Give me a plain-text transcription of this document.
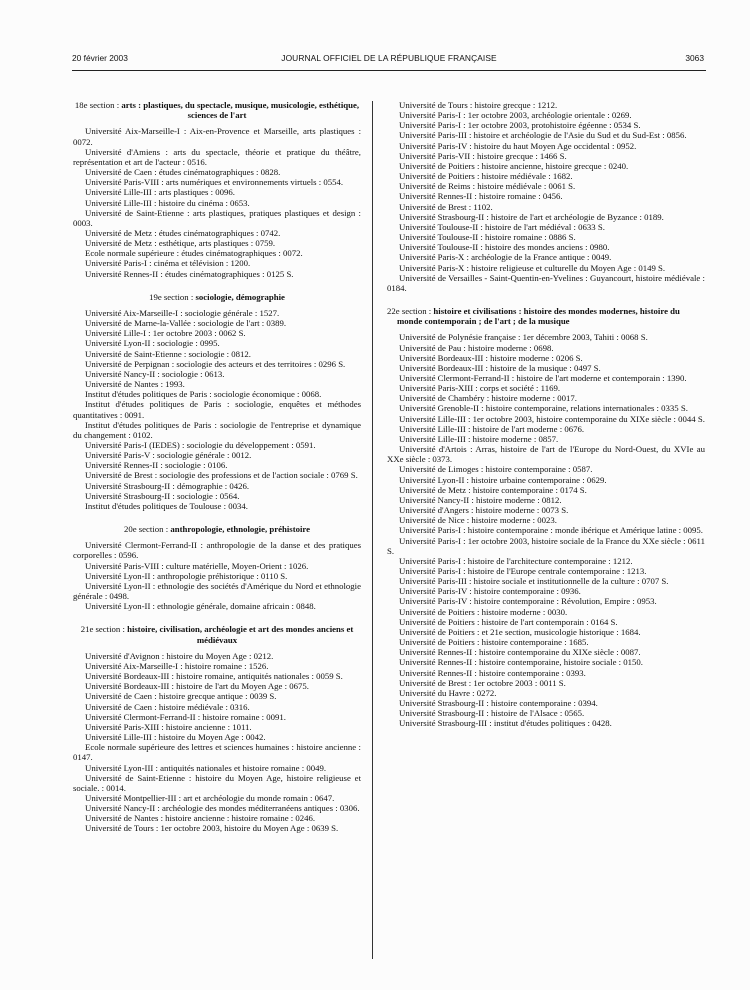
20 février 2003	JOURNAL OFFICIEL DE LA RÉPUBLIQUE FRANÇAISE	3063
18e section : arts : plastiques, du spectacle, musique, musicologie, esthétique, sciences de l'art

Université Aix-Marseille-I : Aix-en-Provence et Marseille, arts plastiques : 0072.

Université d'Amiens : arts du spectacle, théorie et pratique du théâtre, représentation et art de l'acteur : 0516.

Université de Caen : études cinématographiques : 0828.

Université Paris-VIII : arts numériques et environnements virtuels : 0554.

Université Lille-III : arts plastiques : 0096.

Université Lille-III : histoire du cinéma : 0653.

Université de Saint-Etienne : arts plastiques, pratiques plastiques et design : 0003.

Université de Metz : études cinématographiques : 0742.

Université de Metz : esthétique, arts plastiques : 0759.

Ecole normale supérieure : études cinématographiques : 0072.

Université Paris-I : cinéma et télévision : 1200.

Université Rennes-II : études cinématographiques : 0125 S.

19e section : sociologie, démographie

Université Aix-Marseille-I : sociologie générale : 1527.

Université de Marne-la-Vallée : sociologie de l'art : 0389.

Université Lille-I : 1er octobre 2003 : 0062 S.

Université Lyon-II : sociologie : 0995.

Université de Saint-Etienne : sociologie : 0812.

Université de Perpignan : sociologie des acteurs et des territoires : 0296 S.

Université Nancy-II : sociologie : 0613.

Université de Nantes : 1993.

Institut d'études politiques de Paris : sociologie économique : 0068.

Institut d'études politiques de Paris : sociologie, enquêtes et méthodes quantitatives : 0091.

Institut d'études politiques de Paris : sociologie de l'entreprise et dynamique du changement : 0102.

Université Paris-I (IEDES) : sociologie du développement : 0591.

Université Paris-V : sociologie générale : 0012.

Université Rennes-II : sociologie : 0106.

Université de Brest : sociologie des professions et de l'action sociale : 0769 S.

Université Strasbourg-II : démographie : 0426.

Université Strasbourg-II : sociologie : 0564.

Institut d'études politiques de Toulouse : 0034.

20e section : anthropologie, ethnologie, préhistoire

Université Clermont-Ferrand-II : anthropologie de la danse et des pratiques corporelles : 0596.

Université Paris-VIII : culture matérielle, Moyen-Orient : 1026.

Université Lyon-II : anthropologie préhistorique : 0110 S.

Université Lyon-II : ethnologie des sociétés d'Amérique du Nord et ethnologie générale : 0498.

Université Lyon-II : ethnologie générale, domaine africain : 0848.

21e section : histoire, civilisation, archéologie et art des mondes anciens et médiévaux

Université d'Avignon : histoire du Moyen Age : 0212.

Université Aix-Marseille-I : histoire romaine : 1526.

Université Bordeaux-III : histoire romaine, antiquités nationales : 0059 S.

Université Bordeaux-III : histoire de l'art du Moyen Age : 0675.

Université de Caen : histoire grecque antique : 0039 S.

Université de Caen : histoire médiévale : 0316.

Université Clermont-Ferrand-II : histoire romaine : 0091.

Université Paris-XIII : histoire ancienne : 1011.

Université Lille-III : histoire du Moyen Age : 0042.

Ecole normale supérieure des lettres et sciences humaines : histoire ancienne : 0147.

Université Lyon-III : antiquités nationales et histoire romaine : 0049.

Université de Saint-Etienne : histoire du Moyen Age, histoire religieuse et sociale. : 0014.

Université Montpellier-III : art et archéologie du monde romain : 0647.

Université Nancy-II : archéologie des mondes méditerranéens antiques : 0306.

Université de Nantes : histoire ancienne : histoire romaine : 0246.

Université de Tours : 1er octobre 2003, histoire du Moyen Age : 0639 S.

Université de Tours : histoire grecque : 1212.

Université Paris-I : 1er octobre 2003, archéologie orientale : 0269.

Université Paris-I : 1er octobre 2003, protohistoire égéenne : 0534 S.

Université Paris-III : histoire et archéologie de l'Asie du Sud et du Sud-Est : 0856.

Université Paris-IV : histoire du haut Moyen Age occidental : 0952.

Université Paris-VII : histoire grecque : 1466 S.

Université de Poitiers : histoire ancienne, histoire grecque : 0240.

Université de Poitiers : histoire médiévale : 1682.

Université de Reims : histoire médiévale : 0061 S.

Université Rennes-II : histoire romaine : 0456.

Université de Brest : 1102.

Université Strasbourg-II : histoire de l'art et archéologie de Byzance : 0189.

Université Toulouse-II : histoire de l'art médiéval : 0633 S.

Université Toulouse-II : histoire romaine : 0886 S.

Université Toulouse-II : histoire des mondes anciens : 0980.

Université Paris-X : archéologie de la France antique : 0049.

Université Paris-X : histoire religieuse et culturelle du Moyen Age : 0149 S.

Université de Versailles - Saint-Quentin-en-Yvelines : Guyancourt, histoire médiévale : 0184.

22e section : histoire et civilisations : histoire des mondes modernes, histoire du monde contemporain ; de l'art ; de la musique

Université de Polynésie française : 1er décembre 2003, Tahiti : 0068 S.

Université de Pau : histoire moderne : 0698.

Université Bordeaux-III : histoire moderne : 0206 S.

Université Bordeaux-III : histoire de la musique : 0497 S.

Université Clermont-Ferrand-II : histoire de l'art moderne et contemporain : 1390.

Université Paris-XIII : corps et société : 1169.

Université de Chambéry : histoire moderne : 0017.

Université Grenoble-II : histoire contemporaine, relations internationales : 0335 S.

Université Lille-III : 1er octobre 2003, histoire contemporaine du XIXe siècle : 0044 S.

Université Lille-III : histoire de l'art moderne : 0676.

Université Lille-III : histoire moderne : 0857.

Université d'Artois : Arras, histoire de l'art de l'Europe du Nord-Ouest, du XVIe au XXe siècle : 0373.

Université de Limoges : histoire contemporaine : 0587.

Université Lyon-II : histoire urbaine contemporaine : 0629.

Université de Metz : histoire contemporaine : 0174 S.

Université Nancy-II : histoire moderne : 0812.

Université d'Angers : histoire moderne : 0073 S.

Université de Nice : histoire moderne : 0023.

Université Paris-I : histoire contemporaine : monde ibérique et Amérique latine : 0095.

Université Paris-I : 1er octobre 2003, histoire sociale de la France du XXe siècle : 0611 S.

Université Paris-I : histoire de l'architecture contemporaine : 1212.

Université Paris-I : histoire de l'Europe centrale contemporaine : 1213.

Université Paris-III : histoire sociale et institutionnelle de la culture : 0707 S.

Université Paris-IV : histoire contemporaine : 0936.

Université Paris-IV : histoire contemporaine : Révolution, Empire : 0953.

Université de Poitiers : histoire moderne : 0030.

Université de Poitiers : histoire de l'art contemporain : 0164 S.

Université de Poitiers : et 21e section, musicologie historique : 1684.

Université de Poitiers : histoire contemporaine : 1685.

Université Rennes-II : histoire contemporaine du XIXe siècle : 0087.

Université Rennes-II : histoire contemporaine, histoire sociale : 0150.

Université Rennes-II : histoire contemporaine : 0393.

Université de Brest : 1er octobre 2003 : 0011 S.

Université du Havre : 0272.

Université Strasbourg-II : histoire contemporaine : 0394.

Université Strasbourg-II : histoire de l'Alsace : 0565.

Université Strasbourg-III : institut d'études politiques : 0428.
